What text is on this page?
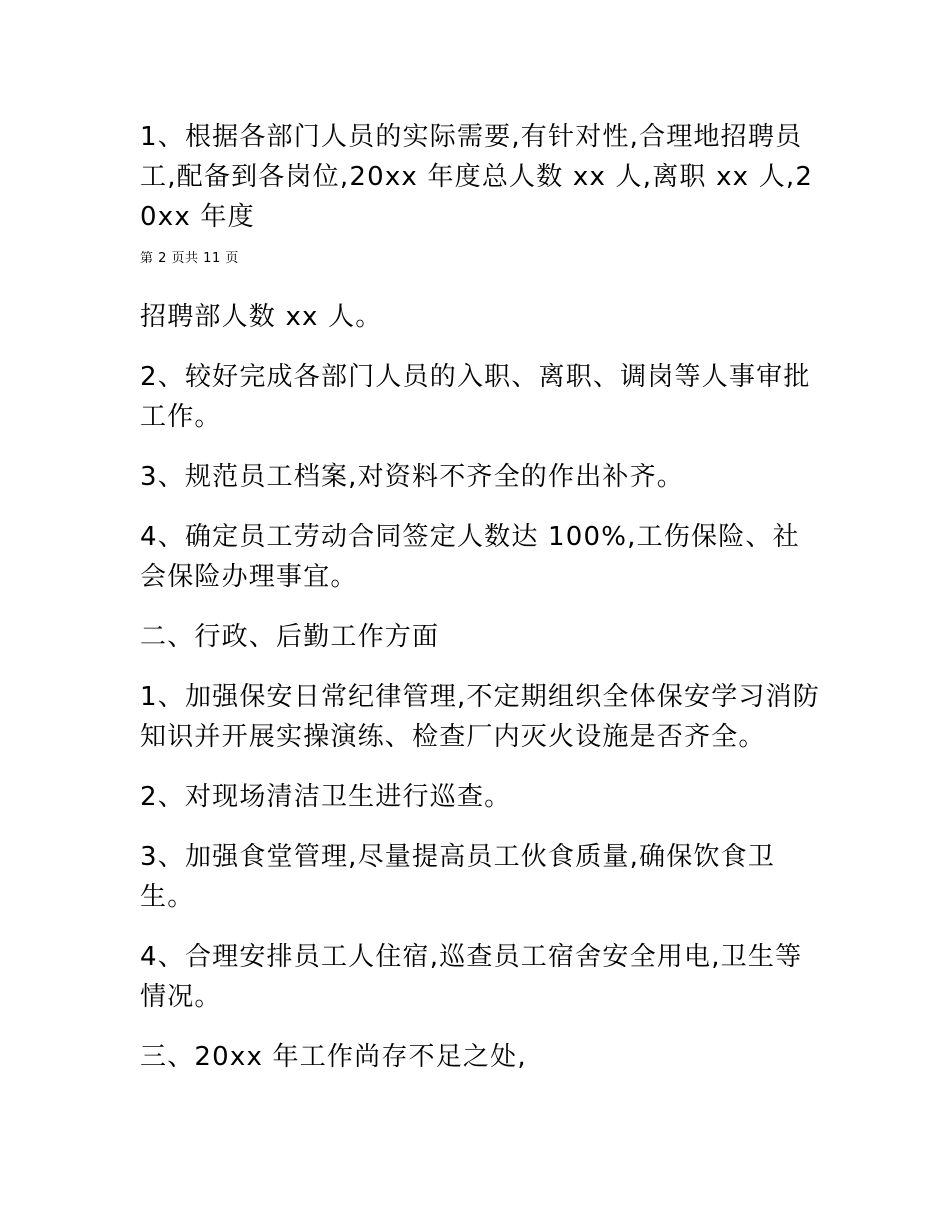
1、根据各部门人员的实际需要,有针对性,合理地招聘员工,配备到各岗位,20xx 年度总人数 xx 人,离职 xx 人,20xx 年度

第 2 页共 11 页

招聘部人数 xx 人。

2、较好完成各部门人员的入职、离职、调岗等人事审批工作。

3、规范员工档案,对资料不齐全的作出补齐。

4、确定员工劳动合同签定人数达 100%,工伤保险、社会保险办理事宜。

二、行政、后勤工作方面

1、加强保安日常纪律管理,不定期组织全体保安学习消防知识并开展实操演练、检查厂内灭火设施是否齐全。

2、对现场清洁卫生进行巡查。

3、加强食堂管理,尽量提高员工伙食质量,确保饮食卫生。

4、合理安排员工人住宿,巡查员工宿舍安全用电,卫生等情况。

三、20xx 年工作尚存不足之处,
